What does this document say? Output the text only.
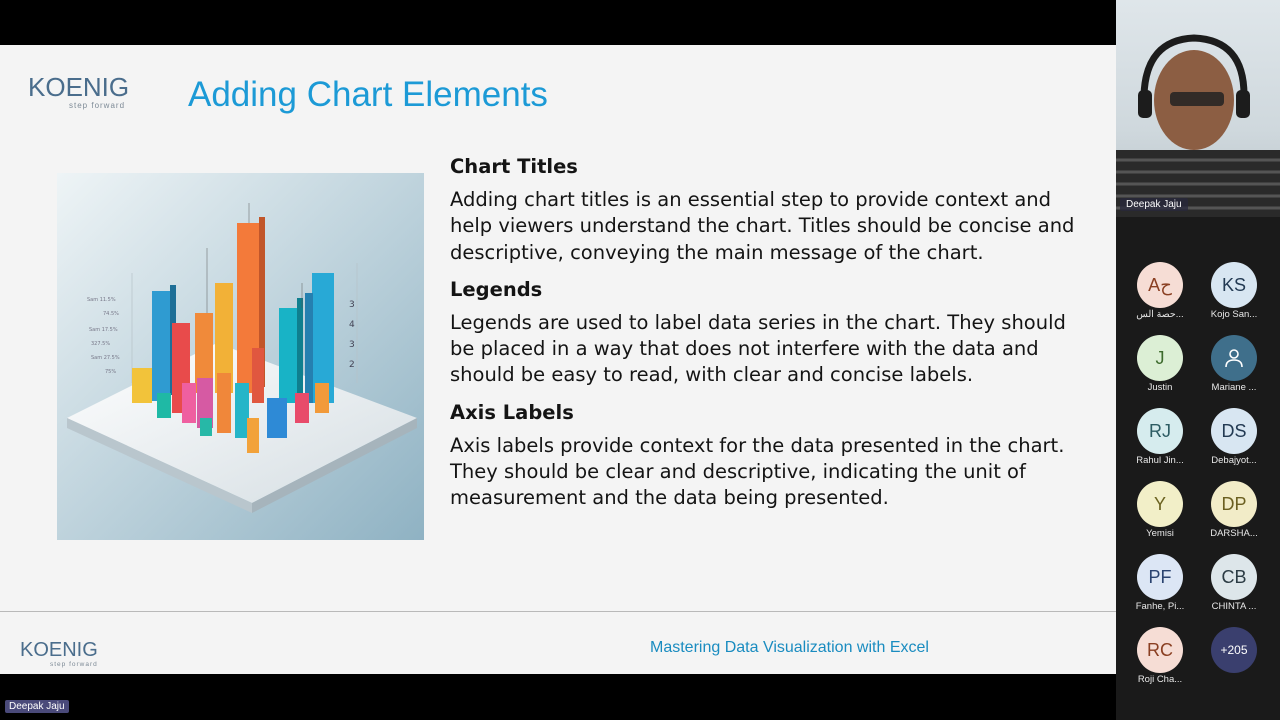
KOENIG
step forward	Adding Chart Elements
Sam 11.5%
74.5%
Sam 17.5%
327.5%
Sam 27.5%
75%
3
4
3
2
Chart Titles
Adding chart titles is an essential step to provide context and help viewers understand the chart. Titles should be concise and descriptive, conveying the main message of the chart.
Legends
Legends are used to label data series in the chart. They should be placed in a way that does not interfere with the data and should be easy to read, with clear and concise labels.
Axis Labels
Axis labels provide context for the data presented in the chart. They should be clear and descriptive, indicating the unit of measurement and the data being presented.
KOENIG
step forward
Mastering Data Visualization with Excel
Deepak Jaju
Aح
حصة الس...
KS
Kojo San...
J
Justin	Mariane ...
RJ
Rahul Jin...
DS
Debajyot...
Y
Yemisi
DP
DARSHA...
PF
Fanhe, Pi...
CB
CHINTA ...
RC
Roji Cha...
+205
Deepak Jaju
